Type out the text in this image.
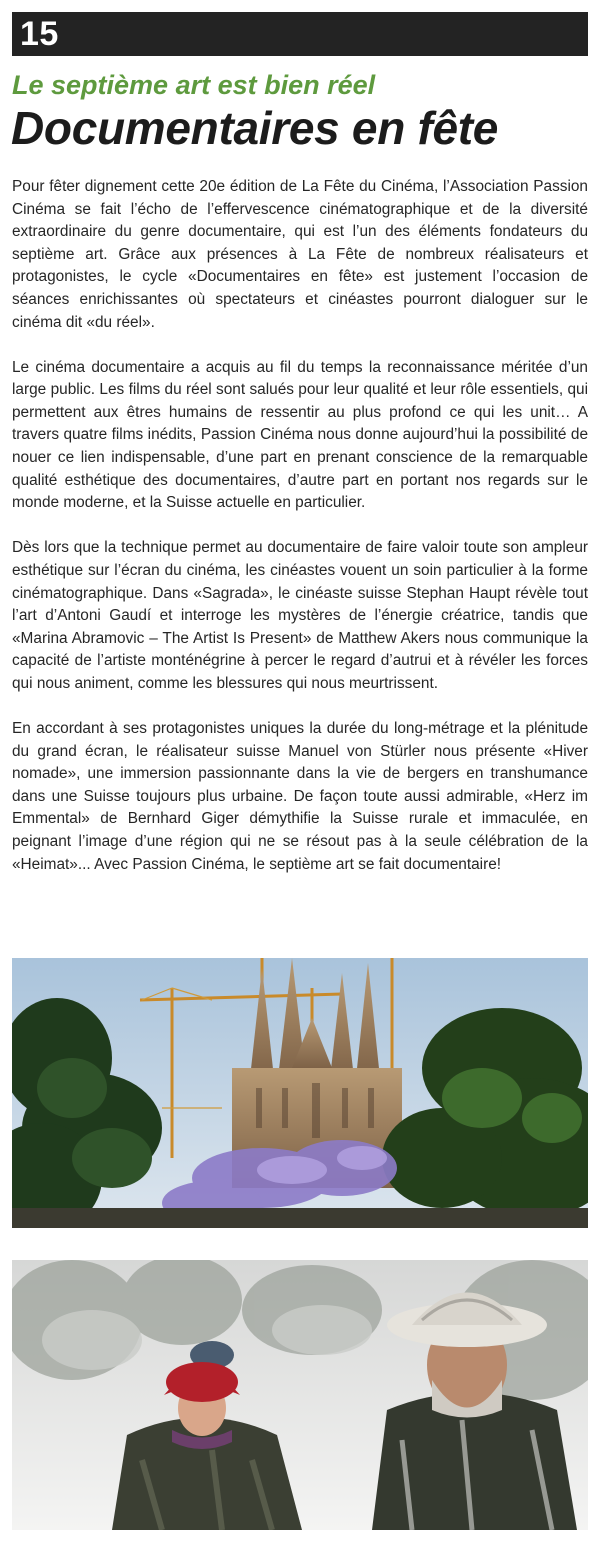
15
Le septième art est bien réel
Documentaires en fête

Pour fêter dignement cette 20e édition de La Fête du Cinéma, l’Association Passion Cinéma se fait l’écho de l’effervescence cinématographique et de la diversité extraordinaire du genre documentaire, qui est l’un des éléments fondateurs du septième art. Grâce aux présences à La Fête de nombreux réalisateurs et protagonistes, le cycle «Documentaires en fête» est justement l’occasion de séances enrichissantes où spectateurs et cinéastes pourront dialoguer sur le cinéma dit «du réel».

Le cinéma documentaire a acquis au fil du temps la reconnaissance méritée d’un large public. Les films du réel sont salués pour leur qualité et leur rôle essentiels, qui permettent aux êtres humains de ressentir au plus profond ce qui les unit… A travers quatre films inédits, Passion Cinéma nous donne aujourd’hui la possibilité de nouer ce lien indispensable, d’une part en prenant conscience de la remarquable qualité esthétique des documentaires, d’autre part en portant nos regards sur le monde moderne, et la Suisse actuelle en particulier.

Dès lors que la technique permet au documentaire de faire valoir toute son ampleur esthétique sur l’écran du cinéma, les cinéastes vouent un soin particulier à la forme cinématographique. Dans «Sagrada», le cinéaste suisse Stephan Haupt révèle tout l’art d’Antoni Gaudí et interroge les mystères de l’énergie créatrice, tandis que «Marina Abramovic – The Artist Is Present» de Matthew Akers nous communique la capacité de l’artiste monténégrine à percer le regard d’autrui et à révéler les forces qui nous animent, comme les blessures qui nous meurtrissent.

En accordant à ses protagonistes uniques la durée du long-métrage et la plénitude du grand écran, le réalisateur suisse Manuel von Stürler nous présente «Hiver nomade», une immersion passionnante dans la vie de bergers en transhumance dans une Suisse toujours plus urbaine. De façon toute aussi admirable, «Herz im Emmental» de Bernhard Giger démythifie la Suisse rurale et immaculée, en peignant l’image d’une région qui ne se résout pas à la seule célébration de la «Heimat»... Avec Passion Cinéma, le septième art se fait documentaire!
